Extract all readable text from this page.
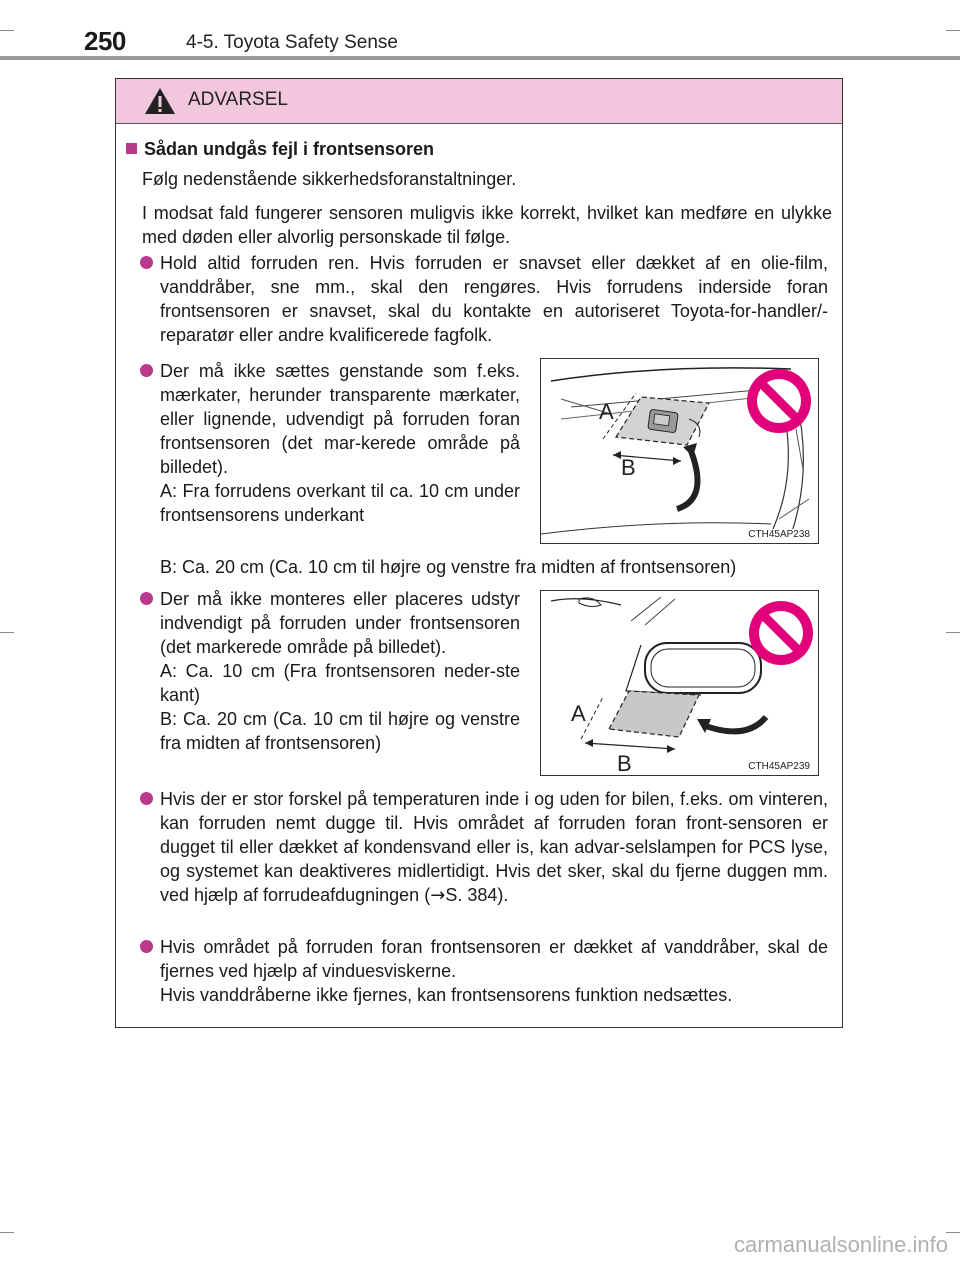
250	4-5. Toyota Safety Sense
ADVARSEL
Sådan undgås fejl i frontsensoren
Følg nedenstående sikkerhedsforanstaltninger.
I modsat fald fungerer sensoren muligvis ikke korrekt, hvilket kan medføre en ulykke med døden eller alvorlig personskade til følge.
Hold altid forruden ren. Hvis forruden er snavset eller dækket af en olie-film, vanddråber, sne mm., skal den rengøres. Hvis forrudens inderside foran frontsensoren er snavset, skal du kontakte en autoriseret Toyota-for-handler/-reparatør eller andre kvalificerede fagfolk.
Der må ikke sættes genstande som f.eks. mærkater, herunder transparente mærkater, eller lignende, udvendigt på forruden foran frontsensoren (det mar-kerede område på billedet).
A: Fra forrudens overkant til ca. 10 cm under frontsensorens underkant
B: Ca. 20 cm (Ca. 10 cm til højre og venstre fra midten af frontsensoren)
Der må ikke monteres eller placeres udstyr indvendigt på forruden under frontsensoren (det markerede område på billedet).
A: Ca. 10 cm (Fra frontsensoren neder-ste kant)
B: Ca. 20 cm (Ca. 10 cm til højre og venstre fra midten af frontsensoren)
Hvis der er stor forskel på temperaturen inde i og uden for bilen, f.eks. om vinteren, kan forruden nemt dugge til. Hvis området af forruden foran front-sensoren er dugget til eller dækket af kondensvand eller is, kan advar-selslampen for PCS lyse, og systemet kan deaktiveres midlertidigt. Hvis det sker, skal du fjerne duggen mm. ved hjælp af forrudeafdugningen (→S. 384).
Hvis området på forruden foran frontsensoren er dækket af vanddråber, skal de fjernes ved hjælp af vinduesviskerne.
Hvis vanddråberne ikke fjernes, kan frontsensorens funktion nedsættes.
A
B
CTH45AP238
A
B	CTH45AP239
carmanualsonline.info
